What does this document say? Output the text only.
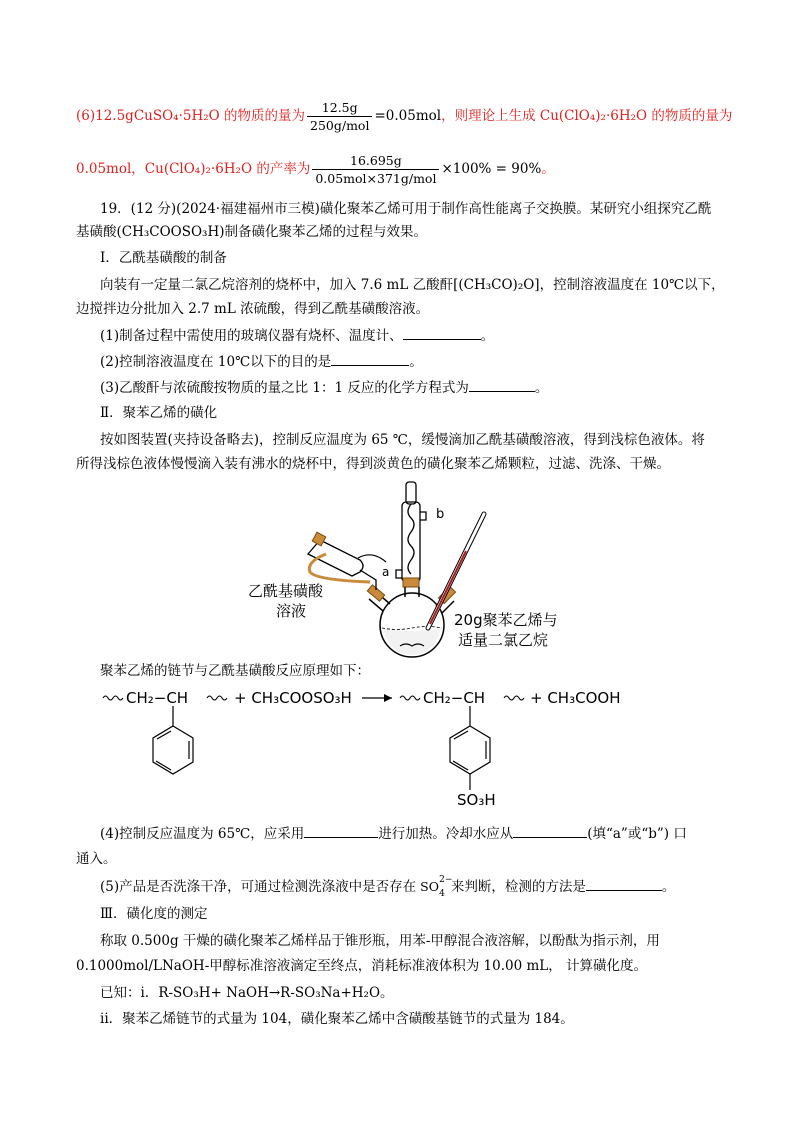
(6)12.5gCuSO₄·5H₂O 的物质的量为 $\frac{12.5g}{\text{250g/mol}} =0.05mol$，则理论上生成 Cu(ClO₄)₂·6H₂O 的物质的量为
0.05mol，Cu(ClO₄)₂·6H₂O 的产率为 $\frac{16.695g}{\text{0.05mol×371g/mol}} \times 100\% = 90\%$。
19．(12 分)(2024·福建福州市三模)磺化聚苯乙烯可用于制作高性能离子交换膜。某研究小组探究乙酰
基磺酸(CH₃COOSO₃H)制备磺化聚苯乙烯的过程与效果。
Ⅰ．乙酰基磺酸的制备
向装有一定量二氯乙烷溶剂的烧杯中，加入 7.6 mL 乙酸酐[(CH₃CO)₂O]，控制溶液温度在 10℃以下，
边搅拌边分批加入 2.7 mL 浓硫酸，得到乙酰基磺酸溶液。
(1)制备过程中需使用的玻璃仪器有烧杯、温度计、	。
(2)控制溶液温度在 10℃以下的目的是	。
(3)乙酸酐与浓硫酸按物质的量之比 1：1 反应的化学方程式为	。
Ⅱ．聚苯乙烯的磺化
按如图装置(夹持设备略去)，控制反应温度为 65 ℃，缓慢滴加乙酰基磺酸溶液，得到浅棕色液体。将
所得浅棕色液体慢慢滴入装有沸水的烧杯中，得到淡黄色的磺化聚苯乙烯颗粒，过滤、洗涤、干燥。
b
a
乙酰基磺酸
溶液	20g聚苯乙烯与
适量二氯乙烷
聚苯乙烯的链节与乙酰基磺酸反应原理如下：
CH₂−CH	+ CH₃COOSO₃H	CH₂−CH	+ CH₃COOH
SO₃H
(4)控制反应温度为 65℃，应采用	进行加热。冷却水应从	(填“a”或“b”) 口
通入。
(5)产品是否洗涤干净，可通过检测洗涤液中是否存在 SO 2−
4 来判断，检测的方法是	。
Ⅲ．磺化度的测定
称取 0.500g 干燥的磺化聚苯乙烯样品于锥形瓶，用苯-甲醇混合液溶解，以酚酞为指示剂，用
0.1000mol/LNaOH-甲醇标准溶液滴定至终点，消耗标准液体积为 10.00 mL， 计算磺化度。
已知：i．R-SO₃H+ NaOH→R-SO₃Na+H₂O。
ii．聚苯乙烯链节的式量为 104，磺化聚苯乙烯中含磺酸基链节的式量为 184。
